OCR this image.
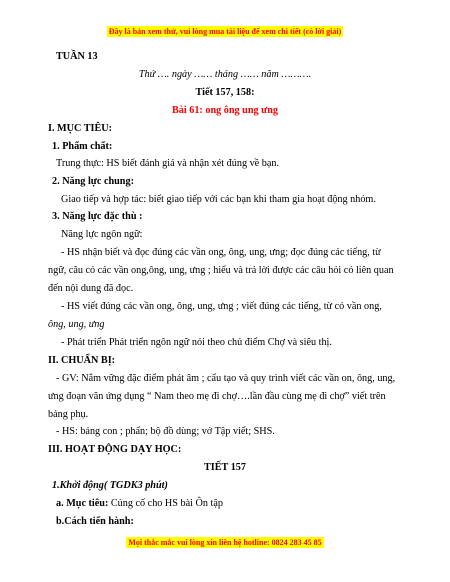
Đây là bản xem thử, vui lòng mua tài liệu để xem chi tiết (có lời giải)
TUẦN 13
Thứ …. ngày …… tháng …… năm ……….
Tiết 157, 158:
Bài 61: ong ông ung ưng
I. MỤC TIÊU:
1. Phẩm chất:
Trung thực: HS biết đánh giá và nhận xét đúng về bạn.
2. Năng lực chung:
Giao tiếp và hợp tác: biết giao tiếp với các bạn khi tham gia hoạt động nhóm.
3. Năng lực đặc thù :
Năng lực ngôn ngữ:
- HS nhận biết và đọc đúng các vần ong, ông, ung, ưng; đọc đúng các tiếng, từ
ngữ, câu có các vần ong,ông, ung, ưng ; hiểu và trả lời được các câu hỏi có liên quan
đến nội dung đã đọc.
- HS viết đúng các vần ong, ông, ung, ưng ; viết đúng các tiếng, từ có vần ong,
ông, ung, ưng
- Phát triển Phát triển ngôn ngữ nói theo chủ điểm Chợ và siêu thị.
II. CHUẨN BỊ:
- GV: Nắm vững đặc điểm phát âm ; cấu tạo và quy trình viết các vần on, ông, ung,
ưng đoạn văn ứng dụng “ Nam theo mẹ đi chợ….lần đầu cùng mẹ đi chợ” viết trên
bảng phụ.
- HS: bảng con ; phấn; bộ đồ dùng; vở Tập viết; SHS.
III. HOẠT ĐỘNG DẠY HỌC:
TIẾT 157
1.Khởi động( TGDK3 phút)
a. Mục tiêu: Củng cố cho HS bài Ôn tập
b.Cách tiến hành:
Mọi thắc mắc vui lòng xin liên hệ hotline: 0824 283 45 85
